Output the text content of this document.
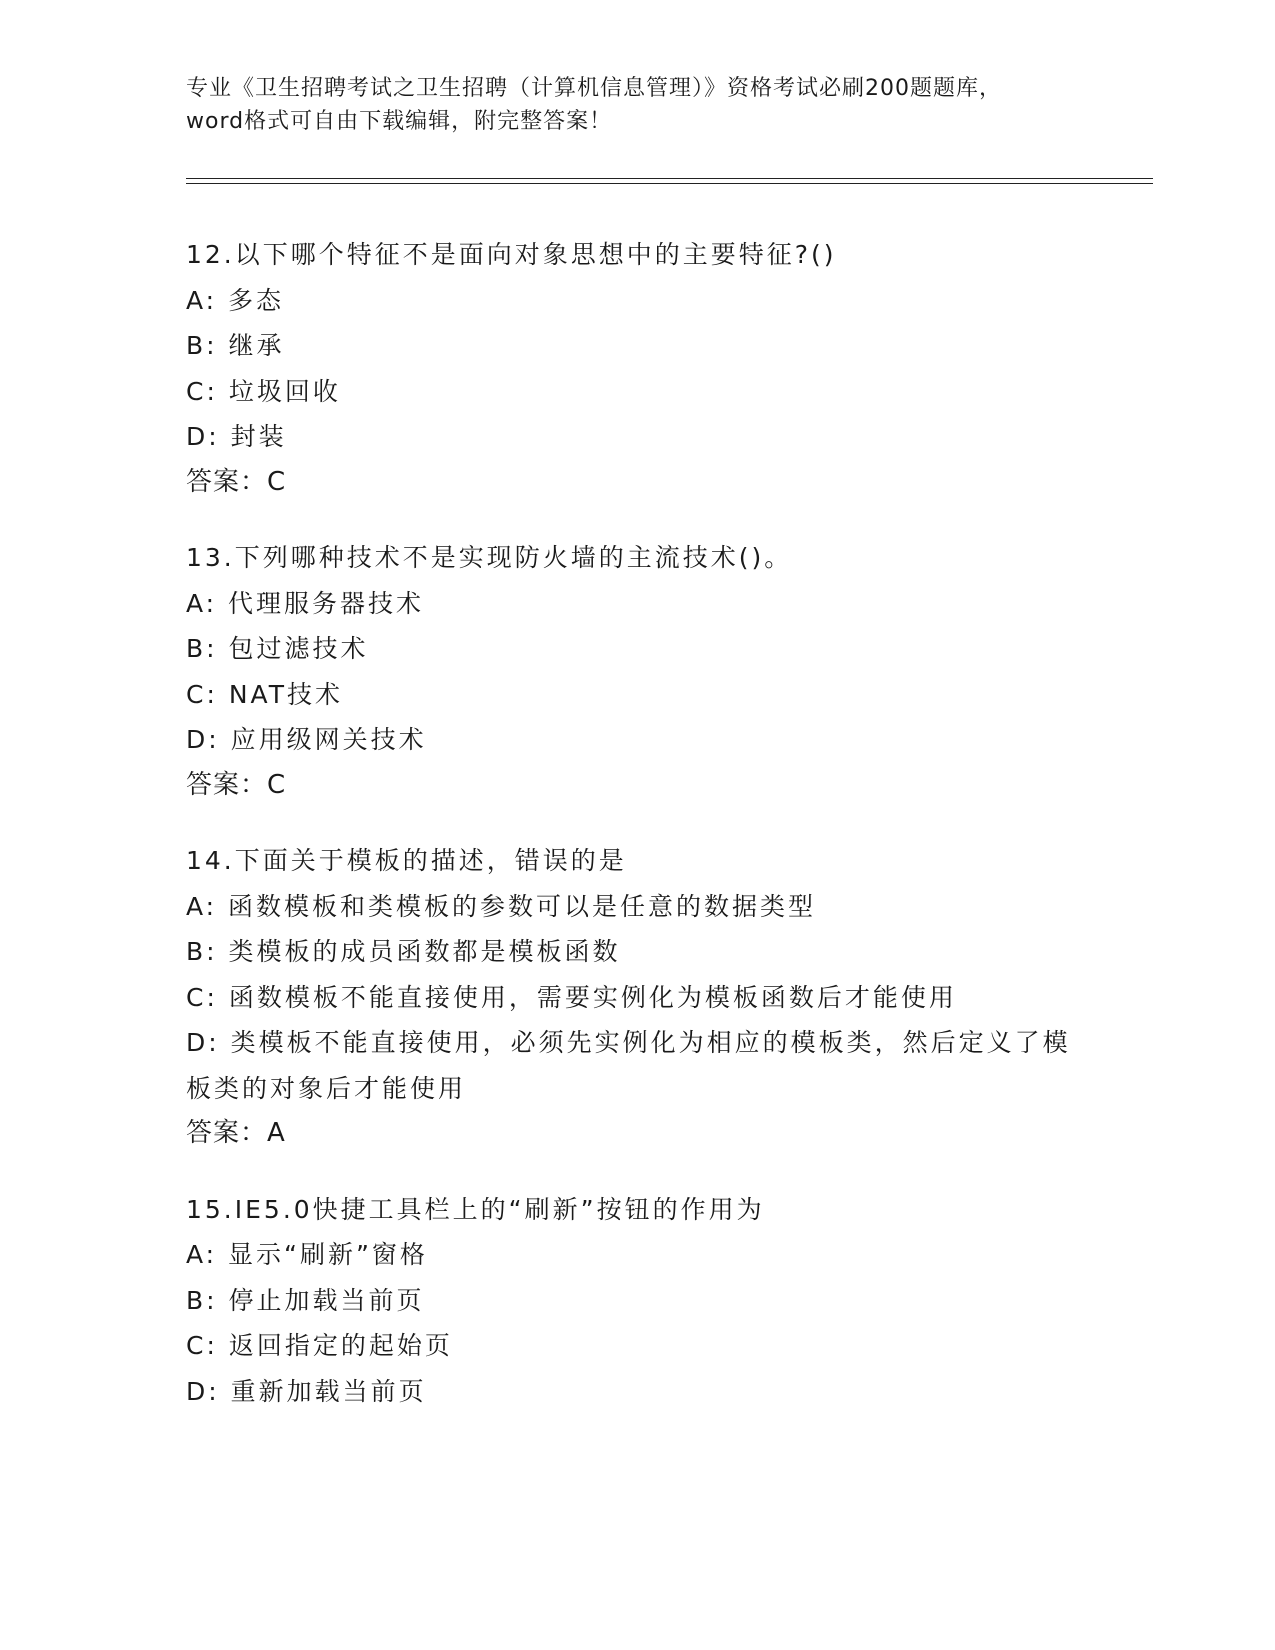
专业《卫生招聘考试之卫生招聘（计算机信息管理）》资格考试必刷200题题库，
word格式可自由下载编辑，附完整答案！
12.以下哪个特征不是面向对象思想中的主要特征?()
A: 多态
B: 继承
C: 垃圾回收
D: 封装
答案：C
13.下列哪种技术不是实现防火墙的主流技术()。
A: 代理服务器技术
B: 包过滤技术
C: NAT技术
D: 应用级网关技术
答案：C
14.下面关于模板的描述，错误的是
A: 函数模板和类模板的参数可以是任意的数据类型
B: 类模板的成员函数都是模板函数
C: 函数模板不能直接使用，需要实例化为模板函数后才能使用
D: 类模板不能直接使用，必须先实例化为相应的模板类，然后定义了模板类的对象后才能使用
答案：A
15.IE5.0快捷工具栏上的“刷新”按钮的作用为
A: 显示“刷新”窗格
B: 停止加载当前页
C: 返回指定的起始页
D: 重新加载当前页
